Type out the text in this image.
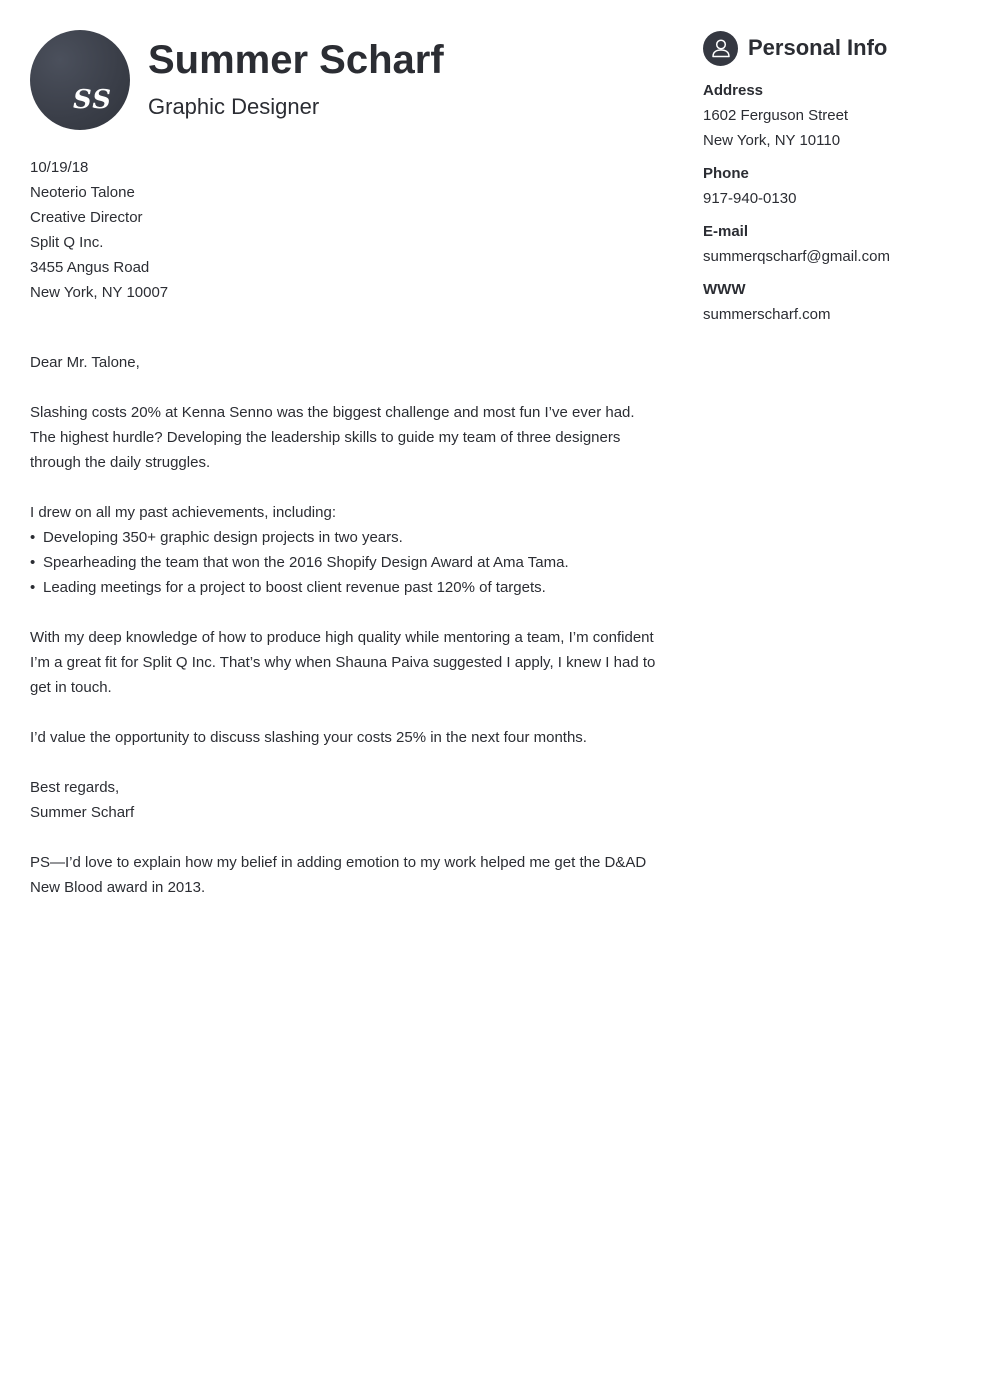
SS
Summer Scharf
Graphic Designer

10/19/18

Neoterio Talone

Creative Director

Split Q Inc.

3455 Angus Road

New York, NY 10007

Dear Mr. Talone,

Slashing costs 20% at Kenna Senno was the biggest challenge and most fun I’ve ever had. The highest hurdle? Developing the leadership skills to guide my team of three designers through the daily struggles.

I drew on all my past achievements, including:

• Developing 350+ graphic design projects in two years.
• Spearheading the team that won the 2016 Shopify Design Award at Ama Tama.
• Leading meetings for a project to boost client revenue past 120% of targets.

With my deep knowledge of how to produce high quality while mentoring a team, I’m confident I’m a great fit for Split Q Inc. That’s why when Shauna Paiva suggested I apply, I knew I had to get in touch.

I’d value the opportunity to discuss slashing your costs 25% in the next four months.

Best regards,

Summer Scharf

PS—I’d love to explain how my belief in adding emotion to my work helped me get the D&AD New Blood award in 2013.

Personal Info
Address
1602 Ferguson Street
New York, NY 10110
Phone
917-940-0130
E-mail
summerqscharf@gmail.com
WWW
summerscharf.com
